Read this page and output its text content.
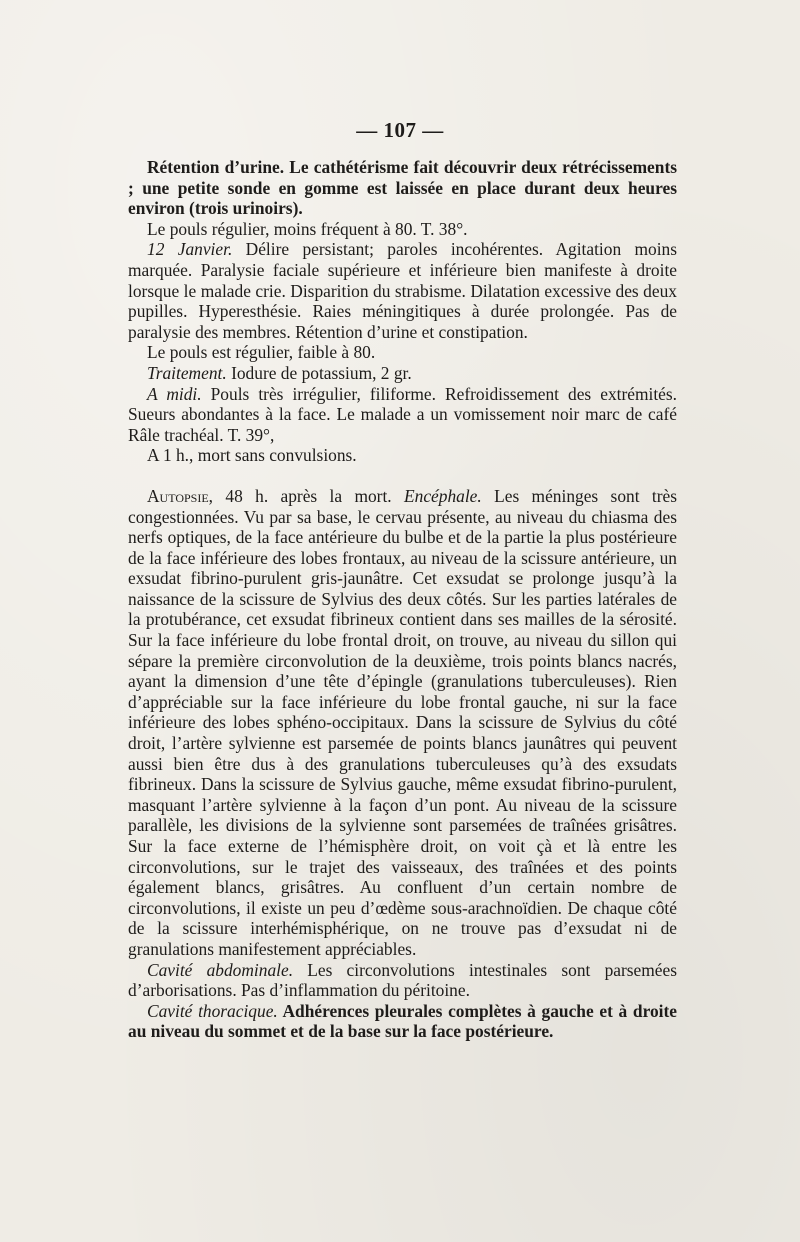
— 107 —

Rétention d’urine. Le cathétérisme fait découvrir deux rétrécissements ; une petite sonde en gomme est laissée en place durant deux heures environ (trois urinoirs).

Le pouls régulier, moins fréquent à 80. T. 38°.

12 Janvier. Délire persistant; paroles incohérentes. Agitation moins marquée. Paralysie faciale supérieure et inférieure bien manifeste à droite lorsque le malade crie. Disparition du strabisme. Dilatation excessive des deux pupilles. Hyperesthésie. Raies méningitiques à durée prolongée. Pas de paralysie des membres. Rétention d’urine et constipation.

Le pouls est régulier, faible à 80.

Traitement. Iodure de potassium, 2 gr.

A midi. Pouls très irrégulier, filiforme. Refroidissement des extrémités. Sueurs abondantes à la face. Le malade a un vomissement noir marc de café Râle trachéal. T. 39°,

A 1 h., mort sans convulsions.

Autopsie, 48 h. après la mort. Encéphale. Les méninges sont très congestionnées. Vu par sa base, le cervau présente, au niveau du chiasma des nerfs optiques, de la face antérieure du bulbe et de la partie la plus postérieure de la face inférieure des lobes frontaux, au niveau de la scissure antérieure, un exsudat fibrino-purulent gris-jaunâtre. Cet exsudat se prolonge jusqu’à la naissance de la scissure de Sylvius des deux côtés. Sur les parties latérales de la protubérance, cet exsudat fibrineux contient dans ses mailles de la sérosité. Sur la face inférieure du lobe frontal droit, on trouve, au niveau du sillon qui sépare la première circonvolution de la deuxième, trois points blancs nacrés, ayant la dimension d’une tête d’épingle (granulations tuberculeuses). Rien d’appréciable sur la face inférieure du lobe frontal gauche, ni sur la face inférieure des lobes sphéno-occipitaux. Dans la scissure de Sylvius du côté droit, l’artère sylvienne est parsemée de points blancs jaunâtres qui peuvent aussi bien être dus à des granulations tuberculeuses qu’à des exsudats fibrineux. Dans la scissure de Sylvius gauche, même exsudat fibrino-purulent, masquant l’artère sylvienne à la façon d’un pont. Au niveau de la scissure parallèle, les divisions de la sylvienne sont parsemées de traînées grisâtres. Sur la face externe de l’hémisphère droit, on voit çà et là entre les circonvolutions, sur le trajet des vaisseaux, des traînées et des points également blancs, grisâtres. Au confluent d’un certain nombre de circonvolutions, il existe un peu d’œdème sous-arachnoïdien. De chaque côté de la scissure interhémisphérique, on ne trouve pas d’exsudat ni de granulations manifestement appréciables.

Cavité abdominale. Les circonvolutions intestinales sont parsemées d’arborisations. Pas d’inflammation du péritoine.

Cavité thoracique. Adhérences pleurales complètes à gauche et à droite au niveau du sommet et de la base sur la face postérieure.
